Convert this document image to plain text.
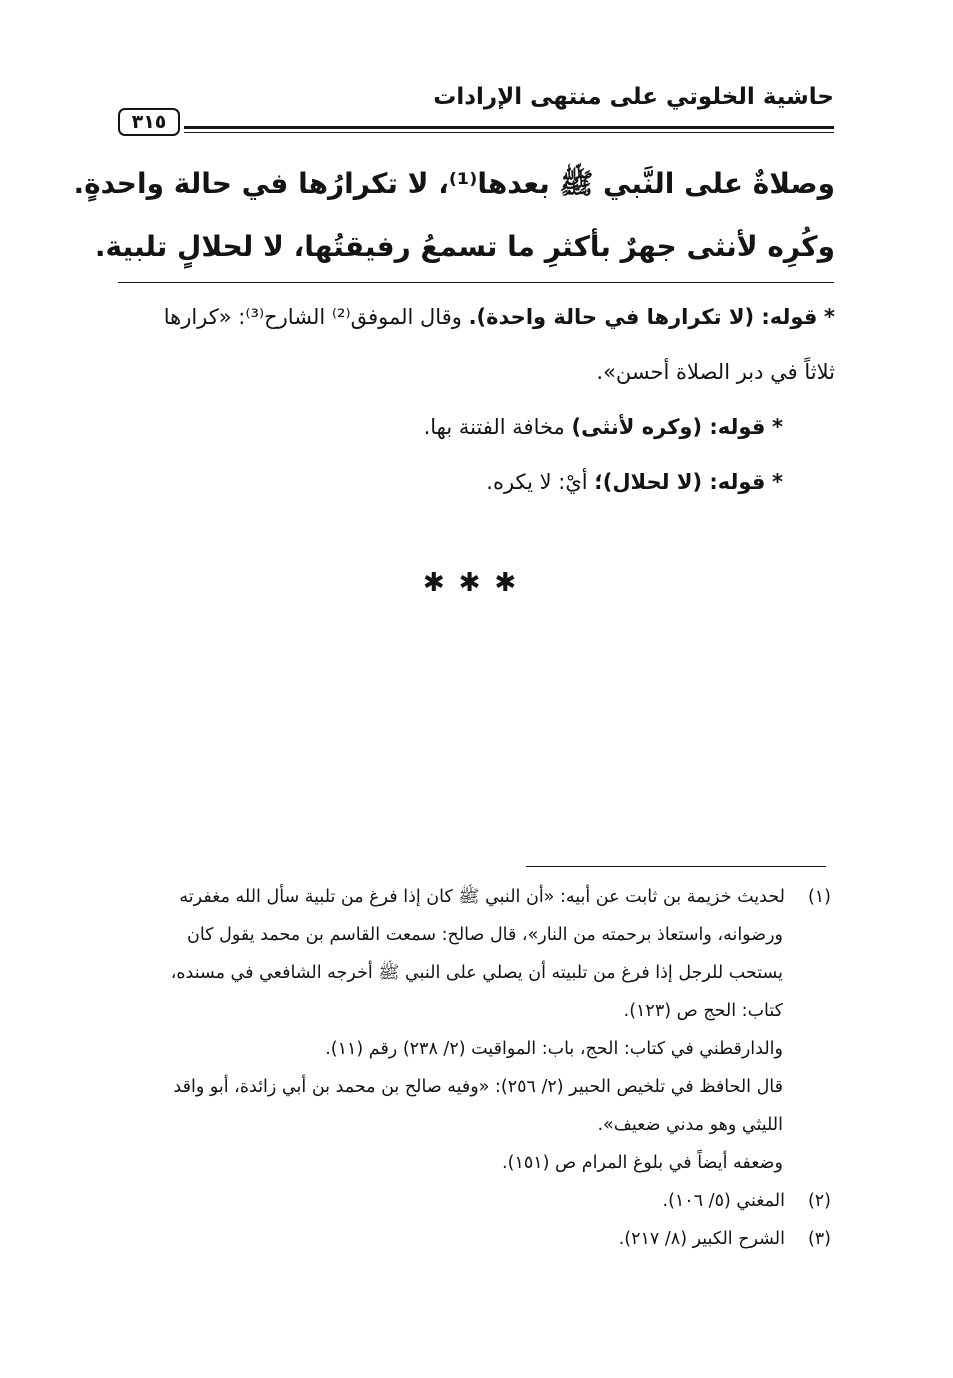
حاشية الخلوتي على منتهى الإرادات
٣١٥
وصلاةٌ على النَّبي ﷺ بعدها⁽¹⁾، لا تكرارُها في حالة واحدةٍ.
وكُرِه لأنثى جهرٌ بأكثرِ ما تسمعُ رفيقتُها، لا لحلالٍ تلبية.
* قوله: (لا تكرارها في حالة واحدة). وقال الموفق⁽²⁾ الشارح⁽³⁾: «كرارها
ثلاثاً في دبر الصلاة أحسن».
* قوله: (وكره لأنثى) مخافة الفتنة بها.
* قوله: (لا لحلال)؛ أيْ: لا يكره.
✱✱✱
(١)لحديث خزيمة بن ثابت عن أبيه: «أن النبي ﷺ كان إذا فرغ من تلبية سأل الله مغفرته
ورضوانه، واستعاذ برحمته من النار»، قال صالح: سمعت القاسم بن محمد يقول كان
يستحب للرجل إذا فرغ من تلبيته أن يصلي على النبي ﷺ أخرجه الشافعي في مسنده،
كتاب: الحج ص (١٢٣).
والدارقطني في كتاب: الحج، باب: المواقيت (٢/ ٢٣٨) رقم (١١).
قال الحافظ في تلخيص الحبير (٢/ ٢٥٦): «وفيه صالح بن محمد بن أبي زائدة، أبو واقد
الليثي وهو مدني ضعيف».
وضعفه أيضاً في بلوغ المرام ص (١٥١).
(٢)المغني (٥/ ١٠٦).
(٣)الشرح الكبير (٨/ ٢١٧).
